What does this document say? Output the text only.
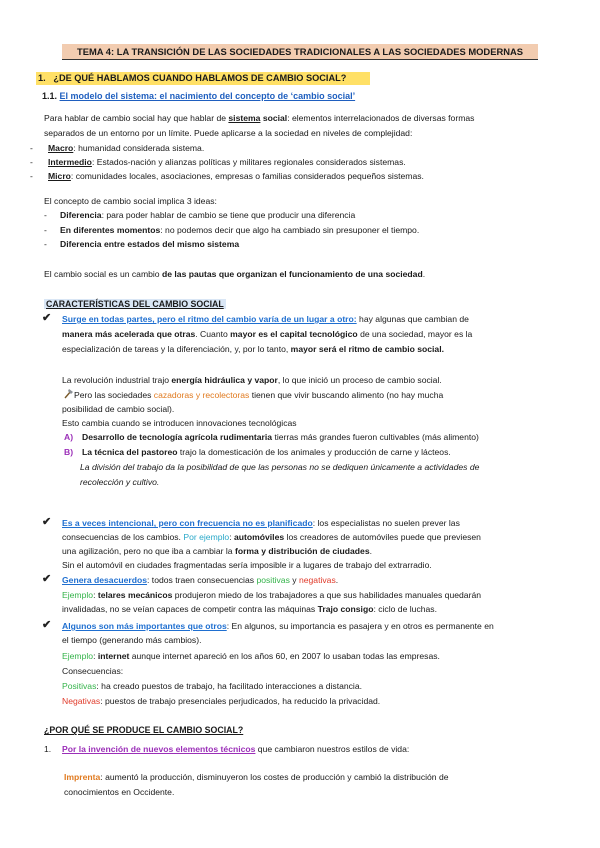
TEMA 4: LA TRANSICIÓN DE LAS SOCIEDADES TRADICIONALES A LAS SOCIEDADES MODERNAS
1. ¿DE QUÉ HABLAMOS CUANDO HABLAMOS DE CAMBIO SOCIAL?
1.1. El modelo del sistema: el nacimiento del concepto de ‘cambio social’
Para hablar de cambio social hay que hablar de sistema social: elementos interrelacionados de diversas formas
separados de un entorno por un límite. Puede aplicarse a la sociedad en niveles de complejidad:
- Macro: humanidad considerada sistema.
- Intermedio: Estados-nación y alianzas políticas y militares regionales considerados sistemas.
- Micro: comunidades locales, asociaciones, empresas o familias considerados pequeños sistemas.
El concepto de cambio social implica 3 ideas:
- Diferencia: para poder hablar de cambio se tiene que producir una diferencia
- En diferentes momentos: no podemos decir que algo ha cambiado sin presuponer el tiempo.
- Diferencia entre estados del mismo sistema
El cambio social es un cambio de las pautas que organizan el funcionamiento de una sociedad.
CARACTERÍSTICAS DEL CAMBIO SOCIAL
✔ Surge en todas partes, pero el ritmo del cambio varía de un lugar a otro: hay algunas que cambian de
manera más acelerada que otras. Cuanto mayor es el capital tecnológico de una sociedad, mayor es la
especialización de tareas y la diferenciación, y, por lo tanto, mayor será el ritmo de cambio social.
La revolución industrial trajo energía hidráulica y vapor, lo que inició un proceso de cambio social.
Pero las sociedades cazadoras y recolectoras tienen que vivir buscando alimento (no hay mucha
posibilidad de cambio social).
Esto cambia cuando se introducen innovaciones tecnológicas
A) Desarrollo de tecnología agrícola rudimentaria tierras más grandes fueron cultivables (más alimento)
B) La técnica del pastoreo trajo la domesticación de los animales y producción de carne y lácteos.
La división del trabajo da la posibilidad de que las personas no se dediquen únicamente a actividades de
recolección y cultivo.
✔ Es a veces intencional, pero con frecuencia no es planificado: los especialistas no suelen prever las
consecuencias de los cambios. Por ejemplo: automóviles los creadores de automóviles puede que previesen
una agilización, pero no que iba a cambiar la forma y distribución de ciudades.
Sin el automóvil en ciudades fragmentadas sería imposible ir a lugares de trabajo del extrarradio.
✔ Genera desacuerdos: todos traen consecuencias positivas y negativas.
Ejemplo: telares mecánicos produjeron miedo de los trabajadores a que sus habilidades manuales quedarán
invalidadas, no se veían capaces de competir contra las máquinas Trajo consigo: ciclo de luchas.
✔ Algunos son más importantes que otros: En algunos, su importancia es pasajera y en otros es permanente en
el tiempo (generando más cambios).
Ejemplo: internet aunque internet apareció en los años 60, en 2007 lo usaban todas las empresas.
Consecuencias:
Positivas: ha creado puestos de trabajo, ha facilitado interacciones a distancia.
Negativas: puestos de trabajo presenciales perjudicados, ha reducido la privacidad.
¿POR QUÉ SE PRODUCE EL CAMBIO SOCIAL?
1. Por la invención de nuevos elementos técnicos que cambiaron nuestros estilos de vida:
Imprenta: aumentó la producción, disminuyeron los costes de producción y cambió la distribución de
conocimientos en Occidente.
